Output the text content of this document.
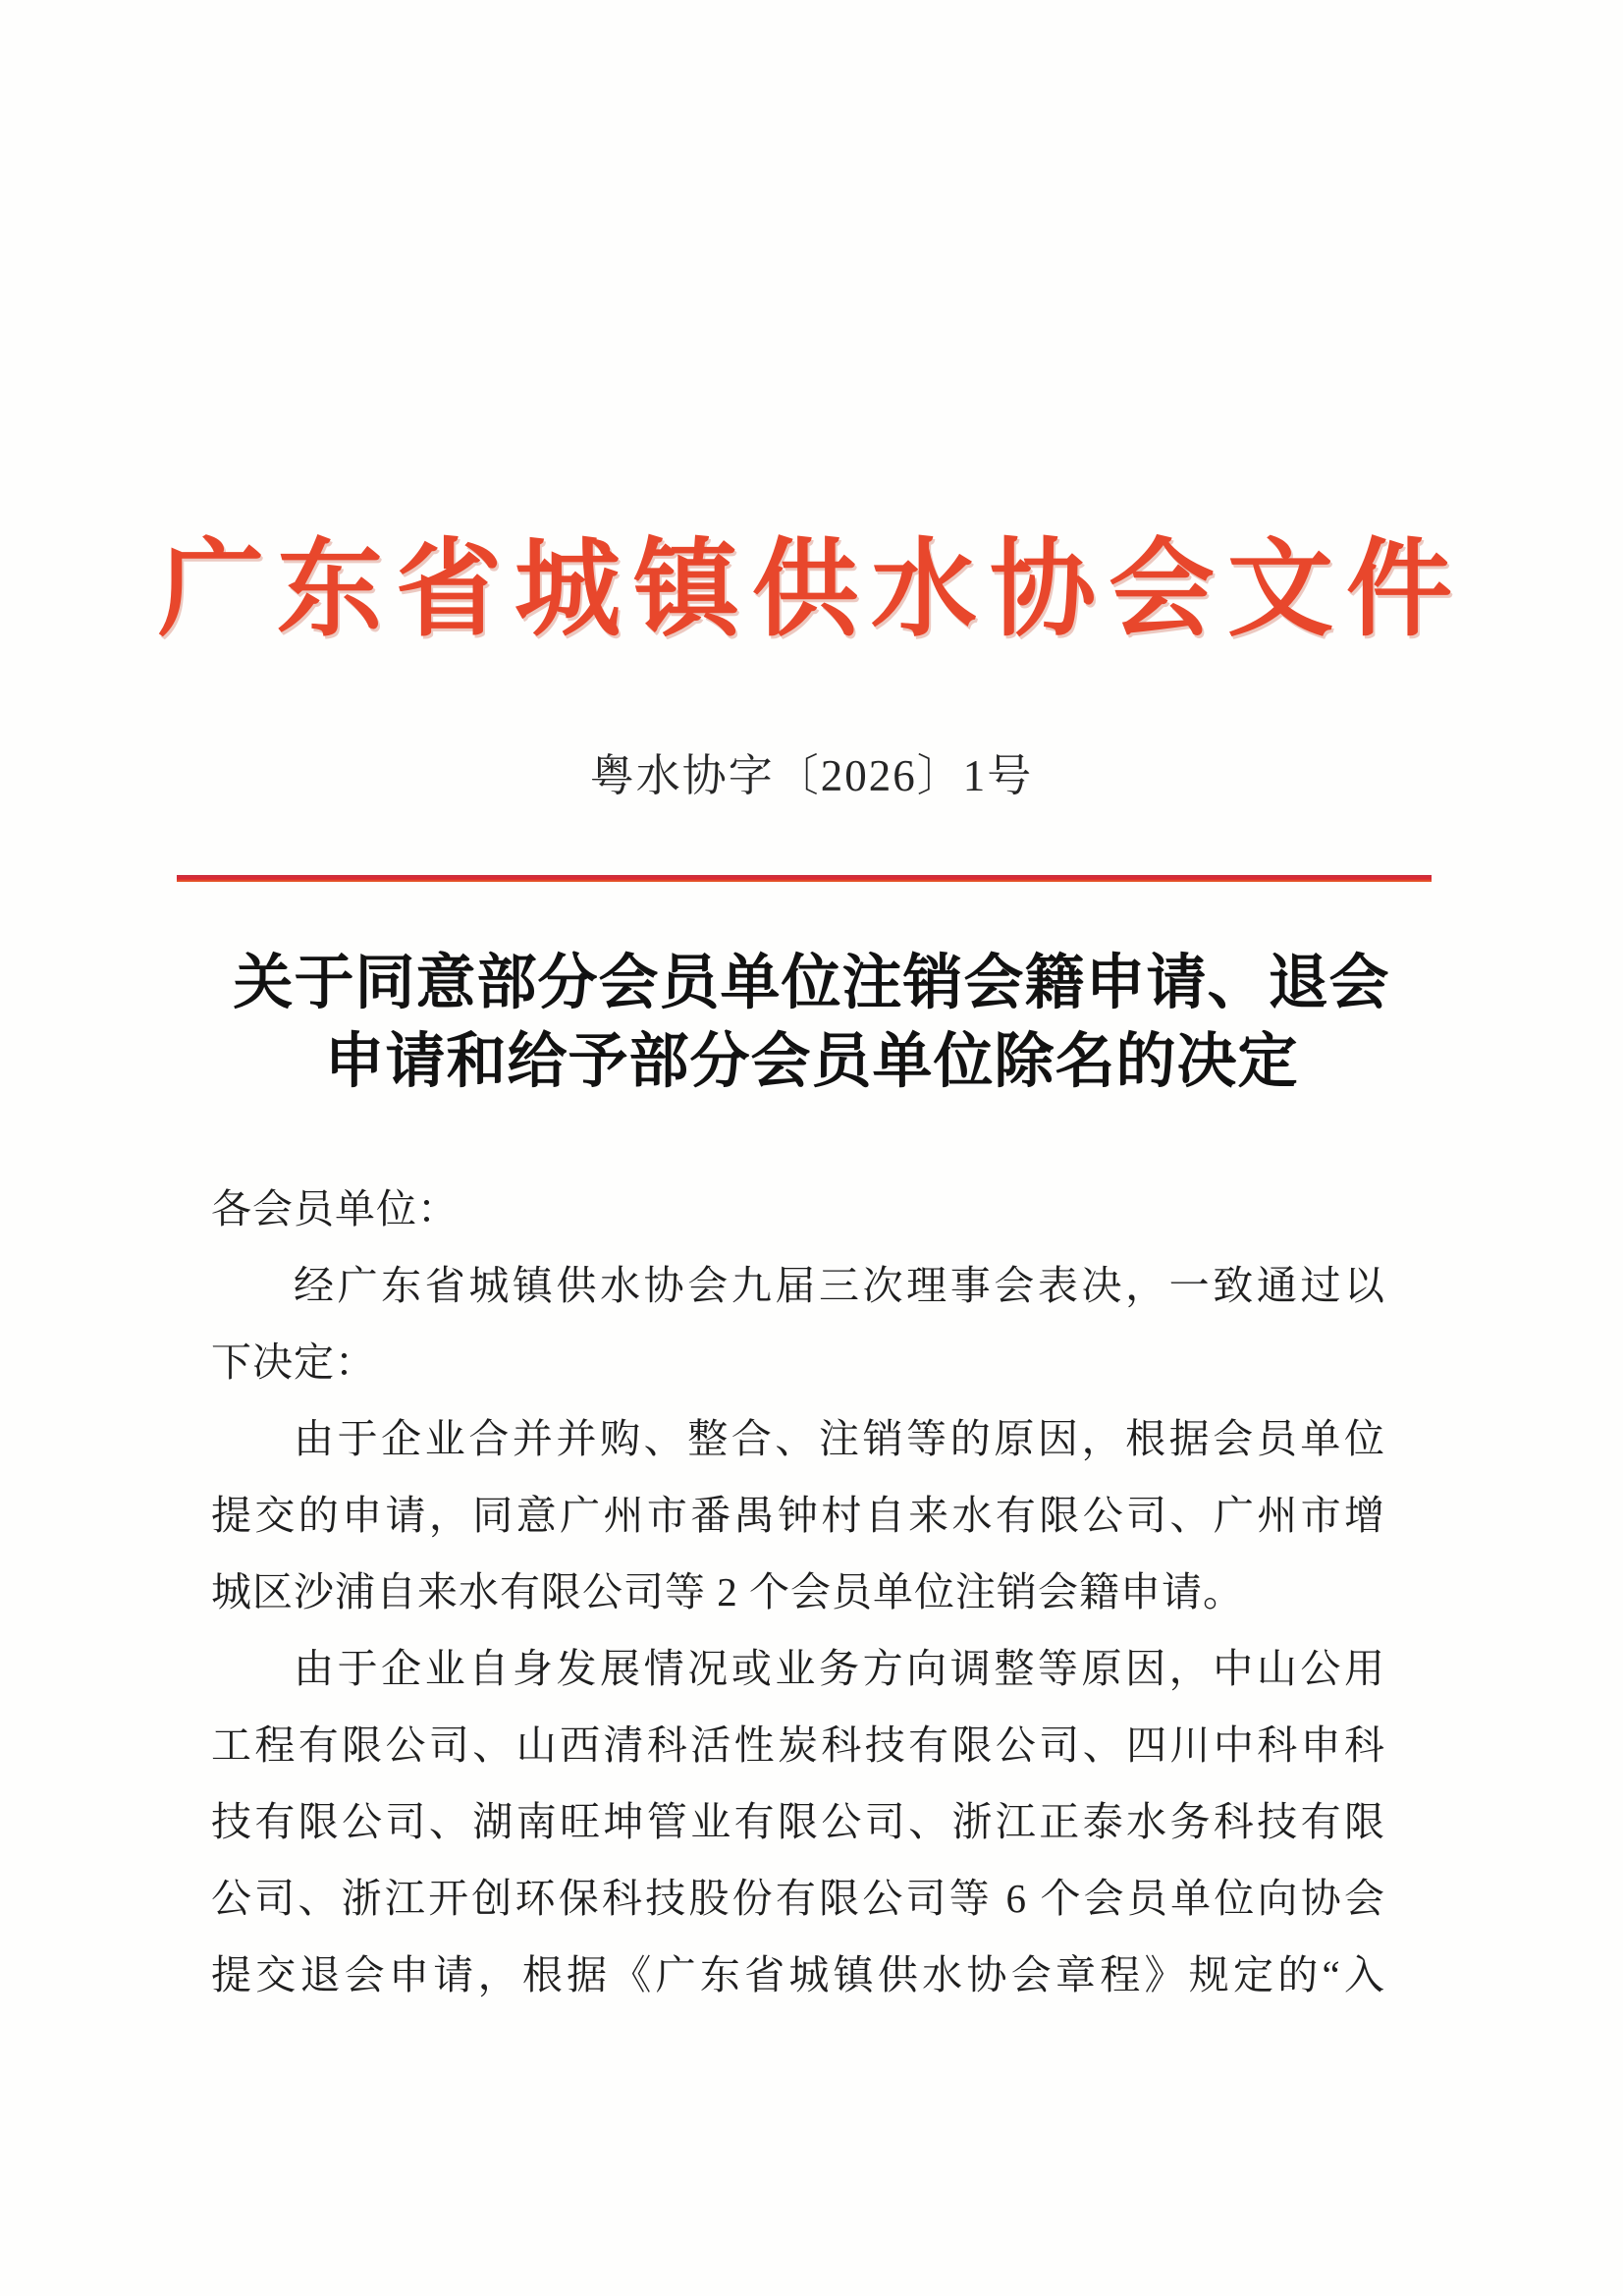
广东省城镇供水协会文件
粤水协字〔2026〕1号
关于同意部分会员单位注销会籍申请、退会
申请和给予部分会员单位除名的决定

各会员单位：

经广东省城镇供水协会九届三次理事会表决，一致通过以

下决定：

由于企业合并并购、整合、注销等的原因，根据会员单位

提交的申请，同意广州市番禺钟村自来水有限公司、广州市增

城区沙浦自来水有限公司等 2 个会员单位注销会籍申请。

由于企业自身发展情况或业务方向调整等原因，中山公用

工程有限公司、山西清科活性炭科技有限公司、四川中科申科

技有限公司、湖南旺坤管业有限公司、浙江正泰水务科技有限

公司、浙江开创环保科技股份有限公司等 6 个会员单位向协会

提交退会申请，根据《广东省城镇供水协会章程》规定的“入
